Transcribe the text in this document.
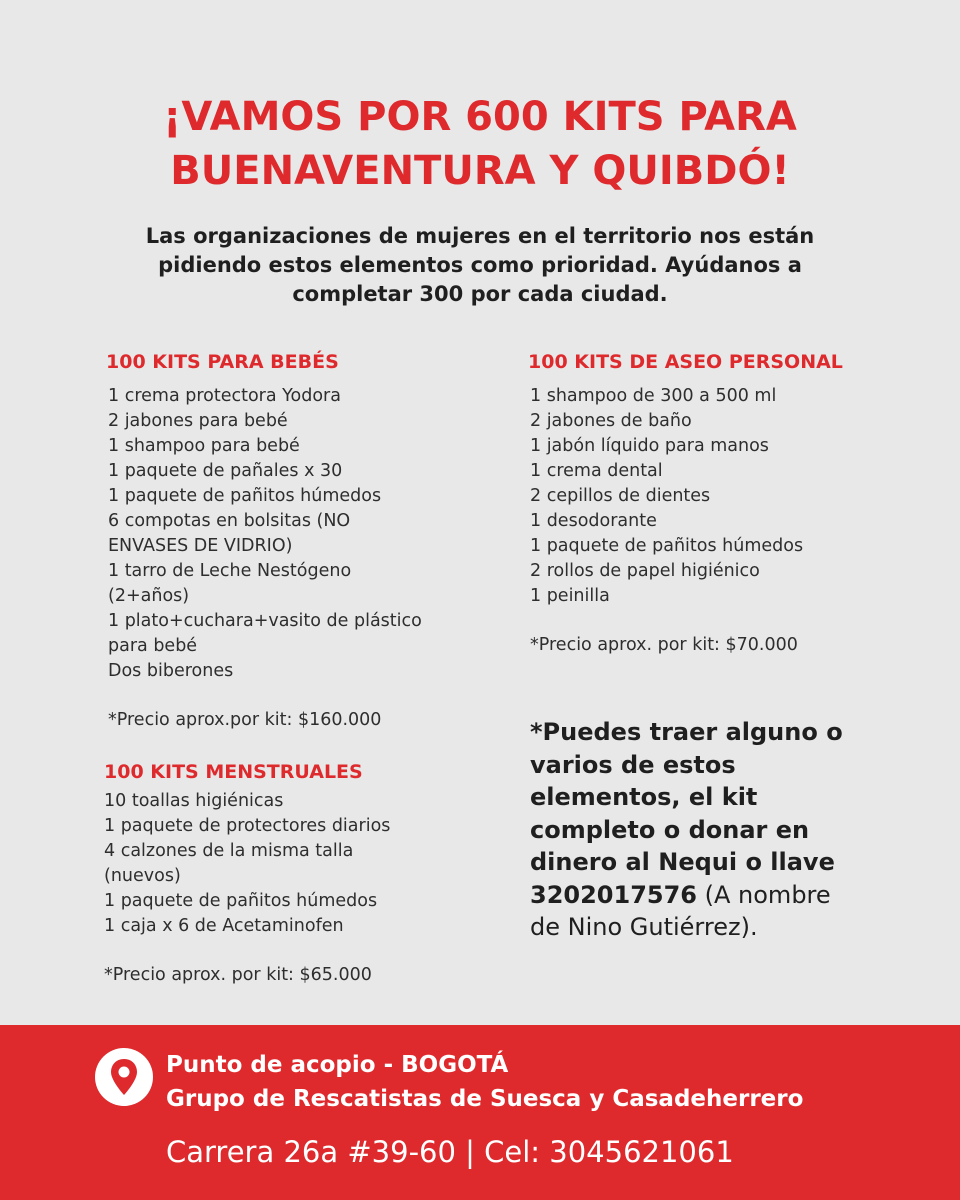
¡VAMOS POR 600 KITS PARA
BUENAVENTURA Y QUIBDÓ!

Las organizaciones de mujeres en el territorio nos están pidiendo estos elementos como prioridad. Ayúdanos a completar 300 por cada ciudad.

100 KITS PARA BEBÉS
1 crema protectora Yodora
2 jabones para bebé
1 shampoo para bebé
1 paquete de pañales x 30
1 paquete de pañitos húmedos
6 compotas en bolsitas (NO
ENVASES DE VIDRIO)
1 tarro de Leche Nestógeno
(2+años)
1 plato+cuchara+vasito de plástico
para bebé
Dos biberones
*Precio aprox.por kit: $160.000
100 KITS MENSTRUALES
10 toallas higiénicas
1 paquete de protectores diarios
4 calzones de la misma talla
(nuevos)
1 paquete de pañitos húmedos
1 caja x 6 de Acetaminofen
*Precio aprox. por kit: $65.000
100 KITS DE ASEO PERSONAL
1 shampoo de 300 a 500 ml
2 jabones de baño
1 jabón líquido para manos
1 crema dental
2 cepillos de dientes
1 desodorante
1 paquete de pañitos húmedos
2 rollos de papel higiénico
1 peinilla
*Precio aprox. por kit: $70.000

*Puedes traer alguno o varios de estos elementos, el kit completo o donar en dinero al Nequi o llave 3202017576 (A nombre de Nino Gutiérrez).

Punto de acopio - BOGOTÁ
Grupo de Rescatistas de Suesca y Casadeherrero
Carrera 26a #39-60 | Cel: 3045621061
